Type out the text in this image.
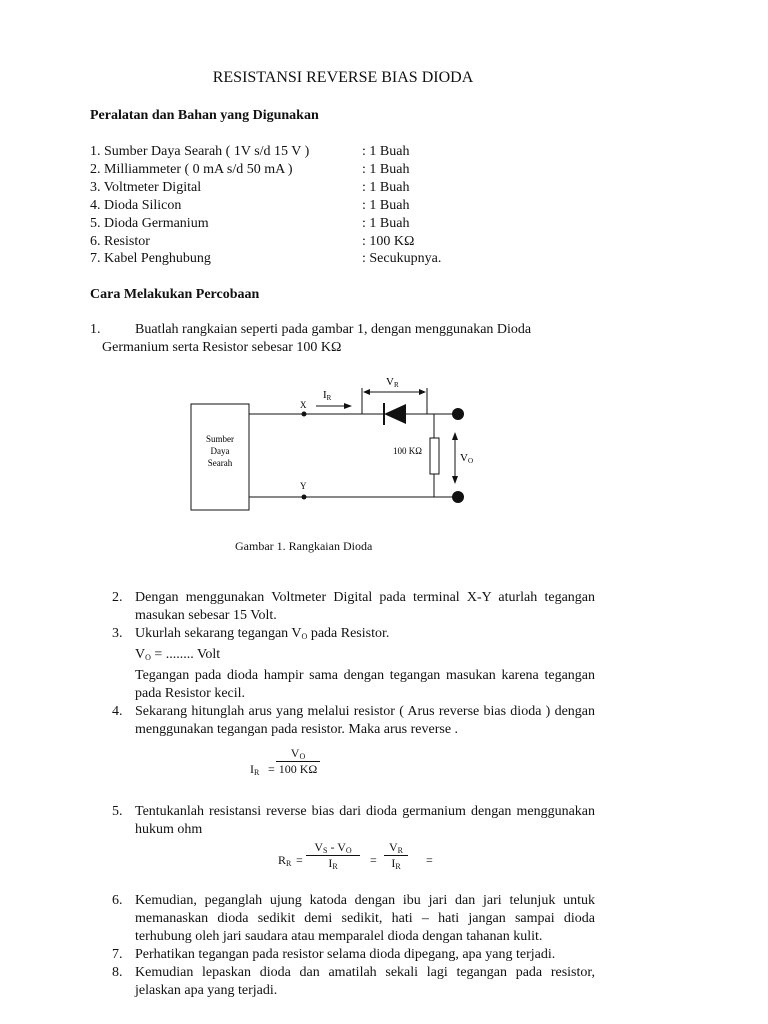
RESISTANSI REVERSE BIAS DIODA
Peralatan dan Bahan yang Digunakan
1. Sumber Daya Searah ( 1V s/d 15 V )	: 1 Buah
2. Milliammeter ( 0 mA s/d 50 mA )	: 1 Buah
3. Voltmeter Digital	: 1 Buah
4. Dioda Silicon	: 1 Buah
5. Dioda Germanium	: 1 Buah
6. Resistor	: 100 KΩ
7. Kabel Penghubung	: Secukupnya.
Cara Melakukan Percobaan
1. Buatlah rangkaian seperti pada gambar 1, dengan menggunakan Dioda
Germanium serta Resistor sebesar 100 KΩ
Sumber
Daya
Searah
100 KΩ
VO
X
Y
IR
VR
Gambar 1. Rangkaian Dioda
2. Dengan menggunakan Voltmeter Digital pada terminal X-Y aturlah tegangan masukan sebesar 15 Volt.
3. Ukurlah sekarang tegangan $V_O$ pada Resistor.
$V_O$ = ........ Volt
Tegangan pada dioda hampir sama dengan tegangan masukan karena tegangan pada Resistor kecil.
4. Sekarang hitunglah arus yang melalui resistor ( Arus reverse bias dioda ) dengan menggunakan tegangan pada resistor. Maka arus reverse .
$I_R$ =
$V_O$
100 KΩ
5. Tentukanlah resistansi reverse bias dari dioda germanium dengan menggunakan hukum ohm
$R_R$ =
$V_S - V_O$
$I_R$	=
$V_R$
$I_R$	=
6. Kemudian, peganglah ujung katoda dengan ibu jari dan jari telunjuk untuk memanaskan dioda sedikit demi sedikit, hati – hati jangan sampai dioda terhubung oleh jari saudara atau memparalel dioda dengan tahanan kulit.
7. Perhatikan tegangan pada resistor selama dioda dipegang, apa yang terjadi.
8. Kemudian lepaskan dioda dan amatilah sekali lagi tegangan pada resistor, jelaskan apa yang terjadi.
